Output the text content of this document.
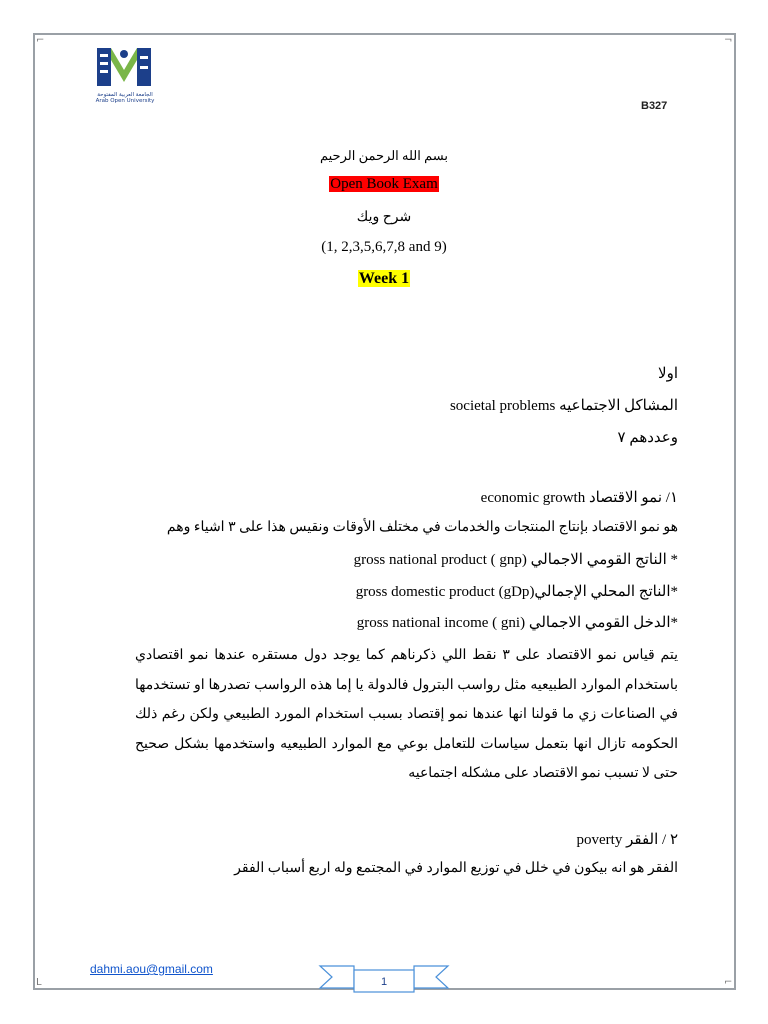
⌐	¬
L	⌐
الجامعة العربية المفتوحة
Arab Open University	B327
بسم الله الرحمن الرحيم
Open Book Exam
شرح ويك
(1, 2,3,5,6,7,8 and 9)
Week 1
اولا
المشاكل الاجتماعيه societal problems
وعددهم ٧
١/ نمو الاقتصاد economic growth
هو نمو الاقتصاد بإنتاج المنتجات والخدمات في مختلف الأوقات ونقيس هذا على ٣ اشياء وهم
* الناتج القومي الاجمالي (gnp ) gross national product
*الناتج المحلي الإجمالي(gDp) gross domestic product
*الدخل القومي الاجمالي (gni ) gross national income
يتم قياس نمو الاقتصاد على ٣ نقط اللي ذكرناهم كما يوجد دول مستقره عندها نمو اقتصادي باستخدام الموارد الطبيعيه مثل رواسب البترول فالدولة يا إما هذه الرواسب تصدرها او تستخدمها في الصناعات زي ما قولنا انها عندها نمو إقتصاد بسبب استخدام المورد الطبيعي ولكن رغم ذلك الحكومه تازال انها بتعمل سياسات للتعامل بوعي مع الموارد الطبيعيه واستخدمها بشكل صحيح حتى لا تسبب نمو الاقتصاد على مشكله اجتماعيه
٢ / الفقر poverty
الفقر هو انه بيكون في خلل في توزيع الموارد في المجتمع وله اربع أسباب الفقر
dahmi.aou@gmail.com
1
